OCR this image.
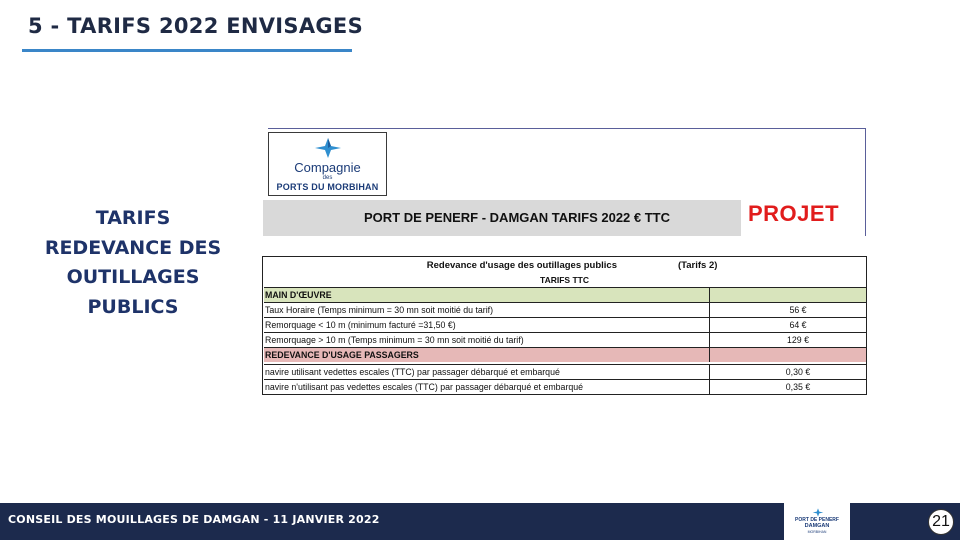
5 - TARIFS 2022 ENVISAGES
TARIFS
REDEVANCE DES
OUTILLAGES
PUBLICS
Compagnie
des
PORTS DU MORBIHAN
PORT DE PENERF - DAMGAN TARIFS 2022 € TTC	PROJET
Redevance d'usage des outillages publics	(Tarifs 2)
TARIFS TTC
MAIN D'ŒUVRE
Taux Horaire (Temps minimum = 30 mn soit moitié du tarif)	56 €
Remorquage < 10 m (minimum facturé =31,50 €)	64 €
Remorquage > 10 m (Temps minimum = 30 mn soit moitié du tarif)	129 €
REDEVANCE D'USAGE PASSAGERS
navire utilisant vedettes escales (TTC) par passager débarqué et embarqué	0,30 €
navire n'utilisant pas vedettes escales (TTC) par passager débarqué et embarqué	0,35 €
CONSEIL DES MOUILLAGES DE DAMGAN - 11 JANVIER 2022	PORT DE PENERF
DAMGAN
MORBIHAN
21
